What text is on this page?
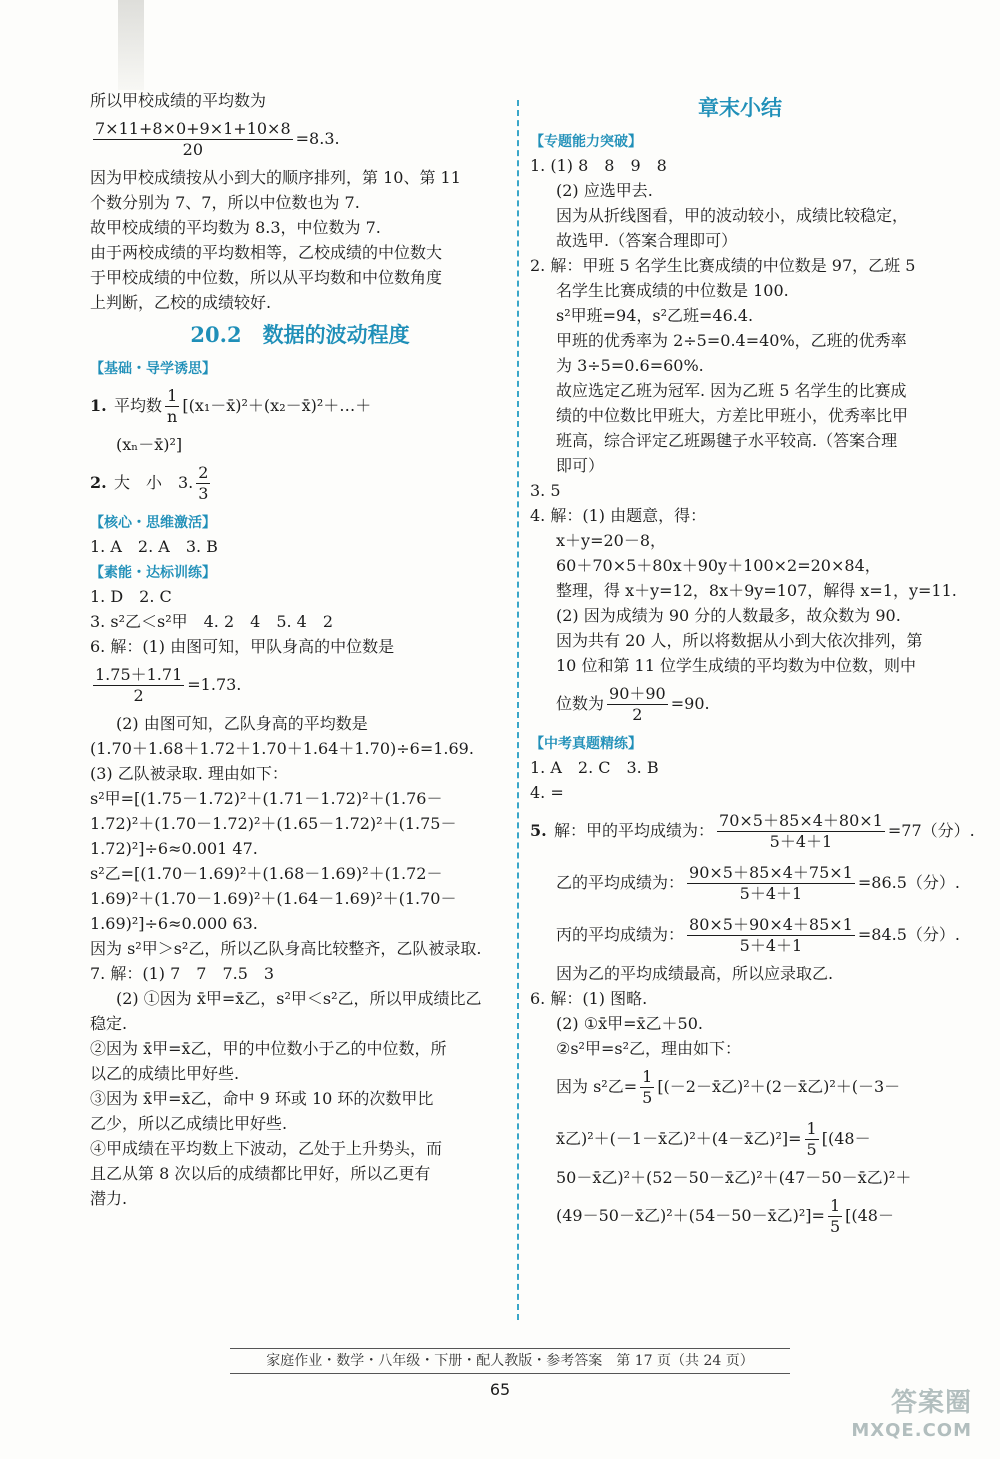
所以甲校成绩的平均数为
$\frac{7\times 11+8\times 0+9\times 1+10\times 8}{20} =8.3$.
因为甲校成绩按从小到大的顺序排列，第 10、第 11
个数分别为 7、7，所以中位数也为 7.
故甲校成绩的平均数为 8.3，中位数为 7.
由于两校成绩的平均数相等，乙校成绩的中位数大
于甲校成绩的中位数，所以从平均数和中位数角度
上判断，乙校的成绩较好.
20.2　数据的波动程度
【基础・导学诱思】
1. 平均数 $\frac{1}{n}$ [(x₁－x̄)²＋(x₂－x̄)²＋…＋
(xₙ－x̄)²]
2. 大　小　3. $\frac{2}{3}$
【核心・思维激活】
1. A　2. A　3. B
【素能・达标训练】
1. D　2. C
3. s²乙＜s²甲　4. 2　4　5. 4　2
6. 解：(1) 由图可知，甲队身高的中位数是
$\frac{1.75+1.71}{2} =1.73$.
(2) 由图可知，乙队身高的平均数是
(1.70＋1.68＋1.72＋1.70＋1.64＋1.70)÷6=1.69.
(3) 乙队被录取. 理由如下：
s²甲=[(1.75－1.72)²＋(1.71－1.72)²＋(1.76－
1.72)²＋(1.70－1.72)²＋(1.65－1.72)²＋(1.75－
1.72)²]÷6≈0.001 47.
s²乙=[(1.70－1.69)²＋(1.68－1.69)²＋(1.72－
1.69)²＋(1.70－1.69)²＋(1.64－1.69)²＋(1.70－
1.69)²]÷6≈0.000 63.
因为 s²甲＞s²乙，所以乙队身高比较整齐，乙队被录取.
7. 解：(1) 7　7　7.5　3
(2) ①因为 x̄甲=x̄乙，s²甲＜s²乙，所以甲成绩比乙
稳定.
②因为 x̄甲=x̄乙，甲的中位数小于乙的中位数，所
以乙的成绩比甲好些.
③因为 x̄甲=x̄乙，命中 9 环或 10 环的次数甲比
乙少，所以乙成绩比甲好些.
④甲成绩在平均数上下波动，乙处于上升势头，而
且乙从第 8 次以后的成绩都比甲好，所以乙更有
潜力.
章末小结
【专题能力突破】
1. (1) 8　8　9　8
(2) 应选甲去.
因为从折线图看，甲的波动较小，成绩比较稳定，
故选甲.（答案合理即可）
2. 解：甲班 5 名学生比赛成绩的中位数是 97，乙班 5
名学生比赛成绩的中位数是 100.
s²甲班=94，s²乙班=46.4.
甲班的优秀率为 2÷5=0.4=40%，乙班的优秀率
为 3÷5=0.6=60%.
故应选定乙班为冠军. 因为乙班 5 名学生的比赛成
绩的中位数比甲班大，方差比甲班小，优秀率比甲
班高，综合评定乙班踢毽子水平较高.（答案合理
即可）
3. 5
4. 解：(1) 由题意，得：
x＋y=20－8，
60＋70×5＋80x＋90y＋100×2=20×84，
整理，得 x＋y=12，8x＋9y=107，解得 x=1，y=11.
(2) 因为成绩为 90 分的人数最多，故众数为 90.
因为共有 20 人，所以将数据从小到大依次排列，第
10 位和第 11 位学生成绩的平均数为中位数，则中
位数为 $\frac{90+90}{2} =90$.
【中考真题精练】
1. A　2. C　3. B
4. =
5. 解：甲的平均成绩为： $\frac{70\times 5+85\times 4+80\times 1}{5+4+1} =77$（分）.
乙的平均成绩为： $\frac{90\times 5+85\times 4+75\times 1}{5+4+1} =86.5$（分）.
丙的平均成绩为： $\frac{80\times 5+90\times 4+85\times 1}{5+4+1} =84.5$（分）.
因为乙的平均成绩最高，所以应录取乙.
6. 解：(1) 图略.
(2) ①x̄甲=x̄乙＋50.
②s²甲=s²乙，理由如下：
因为 s²乙= $\frac{1}{5}$ [(－2－x̄乙)²＋(2－x̄乙)²＋(－3－
x̄乙)²＋(－1－x̄乙)²＋(4－x̄乙)$^2]= \frac{1}{5} [(48-$
50－x̄乙)²＋(52－50－x̄乙)²＋(47－50－x̄乙)²＋
(49－50－x̄乙)²＋(54－50－x̄乙)$^2]= \frac{1}{5} [(48-$
家庭作业・数学・八年级・下册・配人教版・参考答案　第 17 页（共 24 页）
65	答案圈
MXQE.COM
